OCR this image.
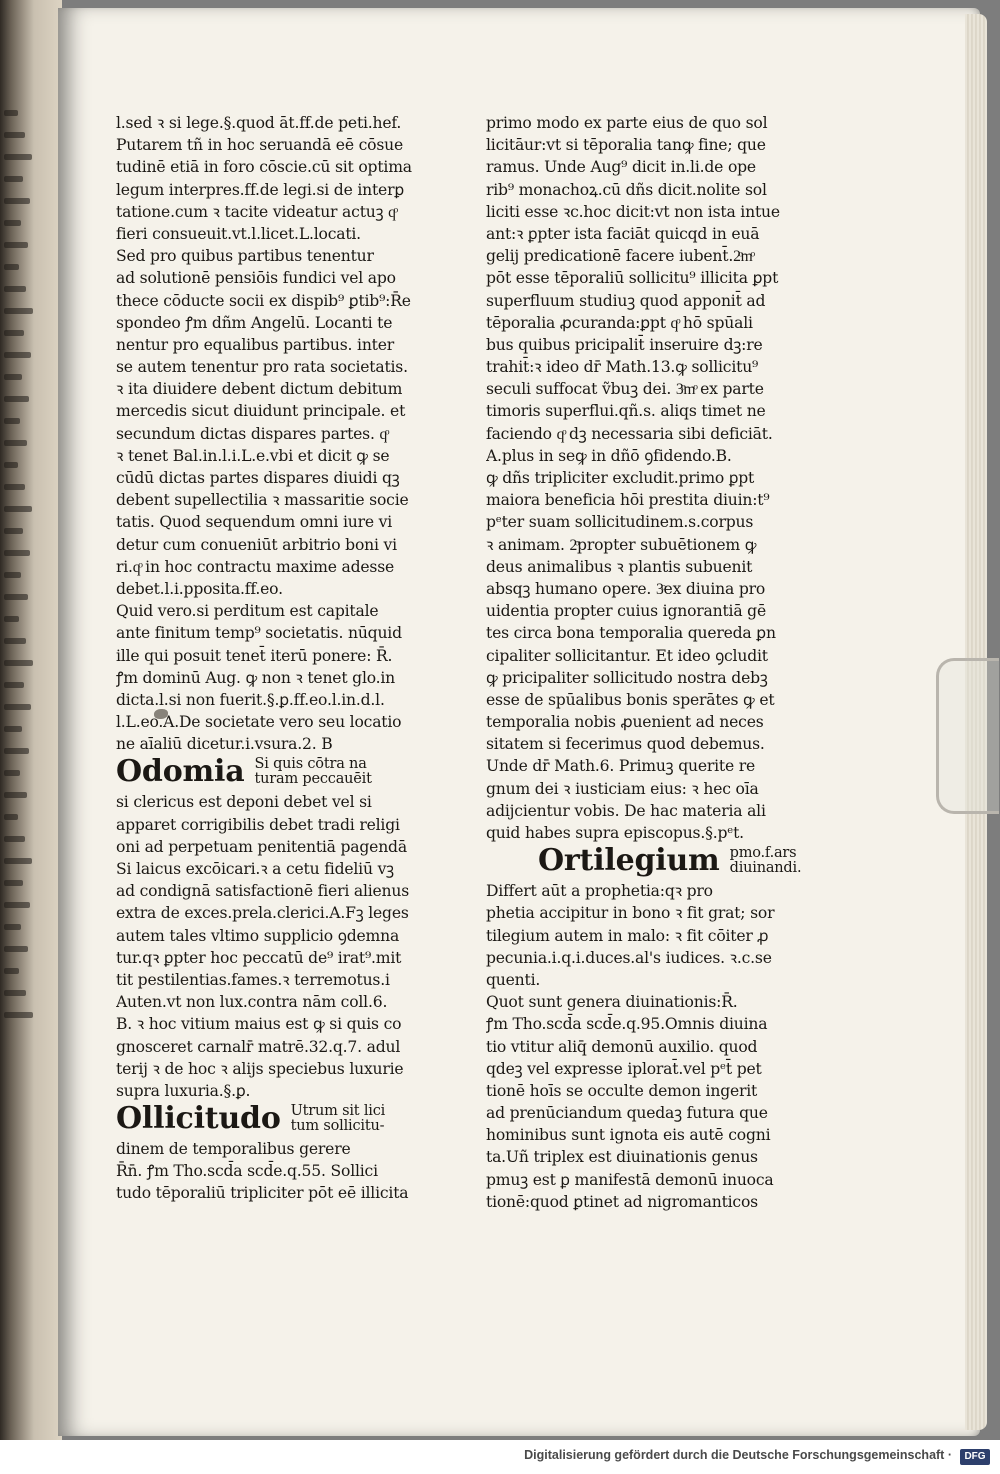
l.sed ꝛ si lege.§.quod āt.ff.de peti.hef.
Putarem tñ in hoc seruandā eē cōsue
tudinē etiā in foro cōscie.cū sit optima
legum interpres.ff.de legi.si de interꝑ
tatione.cum ꝛ tacite videatur actuꝫ qͦ
fieri consueuit.vt.l.licet.L.locati.
Sed pro quibus partibus tenentur
ad solutionē pensiōis fundici vel apo
thece cōducte socii ex dispib⁹ ꝑtib⁹:R̄e
spondeo ꝭm dñm Angelū. Locanti te
nentur pro equalibus partibus. inter
se autem tenentur pro rata societatis.
ꝛ ita diuidere debent dictum debitum
mercedis sicut diuidunt principale. et
secundum dictas dispares partes. qͦ
ꝛ tenet Bal.in.l.i.L.e.vbi et dicit ꝙ se
cūdū dictas partes dispares diuidi qꝫ
debent supellectilia ꝛ massaritie socie
tatis. Quod sequendum omni iure vi
detur cum conueniūt arbitrio boni vi
ri.qͦ in hoc contractu maxime adesse
debet.l.i.pposita.ff.eo.
Quid vero.si perditum est capitale
ante finitum temp⁹ societatis. nūquid
ille qui posuit tenet̄ iterū ponere: R̄.
ꝭm dominū Aug. ꝙ non ꝛ tenet glo.in
dicta.l.si non fuerit.§.ꝑ.ff.eo.l.in.d.l.
l.L.eo.A.De societate vero seu locatio
ne aīaliū dicetur.i.vsura.2. B
Odomia Si quis cōtra na
turam peccauēit
si clericus est deponi debet vel si
apparet corrigibilis debet tradi religi
oni ad perpetuam penitentiā pagendā
Si laicus excōicari.ꝛ a cetu fideliū vꝫ
ad condignā satisfactionē fieri alienus
extra de exces.prela.clerici.A.Fꝫ leges
autem tales vltimo supplicio ꝯdemna
tur.qꝛ ꝑpter hoc peccatū de⁹ irat⁹.mit
tit pestilentias.fames.ꝛ terremotus.i
Auten.vt non lux.contra nām coll.6.
B. ꝛ hoc vitium maius est ꝙ si quis co
gnosceret carnalr̄ matrē.32.q.7. adul
terij ꝛ de hoc ꝛ alijs speciebus luxurie
supra luxuria.§.ꝑ.
Ollicitudo Utrum sit lici
tum sollicitu-
dinem de temporalibus gerere
R̄n̄. ꝭm Tho.scd̄a scd̄e.q.55. Sollici
tudo tēporaliū tripliciter pōt eē illicita
primo modo ex parte eius de quo sol
licitāur:vt si tēporalia tanꝙ fine; que
ramus. Unde Aug⁹ dicit in.li.de ope
rib⁹ monachoꝝ.cū dñs dicit.nolite sol
liciti esse ꝛc.hoc dicit:vt non ista intue
ant:ꝛ ꝑpter ista faciāt quicqd in euā
gelij predicationē facere iubent̄.2ͦmͦ
pōt esse tēporaliū sollicitu⁹ illicita ꝑpt
superfluum studiuꝫ quod apponit̄ ad
tēporalia ꝓcuranda:ꝑpt qͦ hō spūali
bus quibus pricipalit̄ inseruire dꝫ:re
trahit̄:ꝛ ideo dr̄ Math.13.ꝙ sollicitu⁹
seculi suffocat ṽbuꝫ dei. 3ͦmͦ ex parte
timoris superflui.qñ.s. aliqs timet ne
faciendo qͦ dꝫ necessaria sibi deficiāt.
A.plus in seꝙ in dñō ꝯfidendo.B.
ꝙ dñs tripliciter excludit.primo ꝑpt
maiora beneficia hōi prestita diuin:t⁹
pᵉter suam sollicitudinem.s.corpus
ꝛ animam. 2ͦpropter subuētionem ꝙ
deus animalibus ꝛ plantis subuenit
absqꝫ humano opere. 3ͦex diuina pro
uidentia propter cuius ignorantiā gē
tes circa bona temporalia quereda ꝑn
cipaliter sollicitantur. Et ideo ꝯcludit
ꝙ pricipaliter sollicitudo nostra debꝫ
esse de spūalibus bonis sperātes ꝙ et
temporalia nobis ꝓuenient ad neces
sitatem si fecerimus quod debemus.
Unde dr̄ Math.6. Primuꝫ querite re
gnum dei ꝛ iusticiam eius: ꝛ hec oīa
adijcientur vobis. De hac materia ali
quid habes supra episcopus.§.pᵉt.
Ortilegium pmo.f.ars
diuinandi.
Differt aūt a prophetia:qꝛ pro
phetia accipitur in bono ꝛ fit grat; sor
tilegium autem in malo: ꝛ fit cōiter ꝓ
pecunia.i.q.i.duces.al's iudices. ꝛ.c.se
quenti.
Quot sunt genera diuinationis:R̄.
ꝭm Tho.scd̄a scd̄e.q.95.Omnis diuina
tio vtitur aliq̄ demonū auxilio. quod
qdeꝫ vel expresse iplorat̄.vel pᵉt̄ pet
tionē hoīs se occulte demon ingerit
ad prenūciandum quedaꝫ futura que
hominibus sunt ignota eis autē cogni
ta.Uñ triplex est diuinationis genus
pmuꝫ est ꝑ manifestā demonū inuoca
tionē:quod ꝑtinet ad nigromanticos
Digitalisierung gefördert durch die Deutsche Forschungsgemeinschaft ·	DFG
